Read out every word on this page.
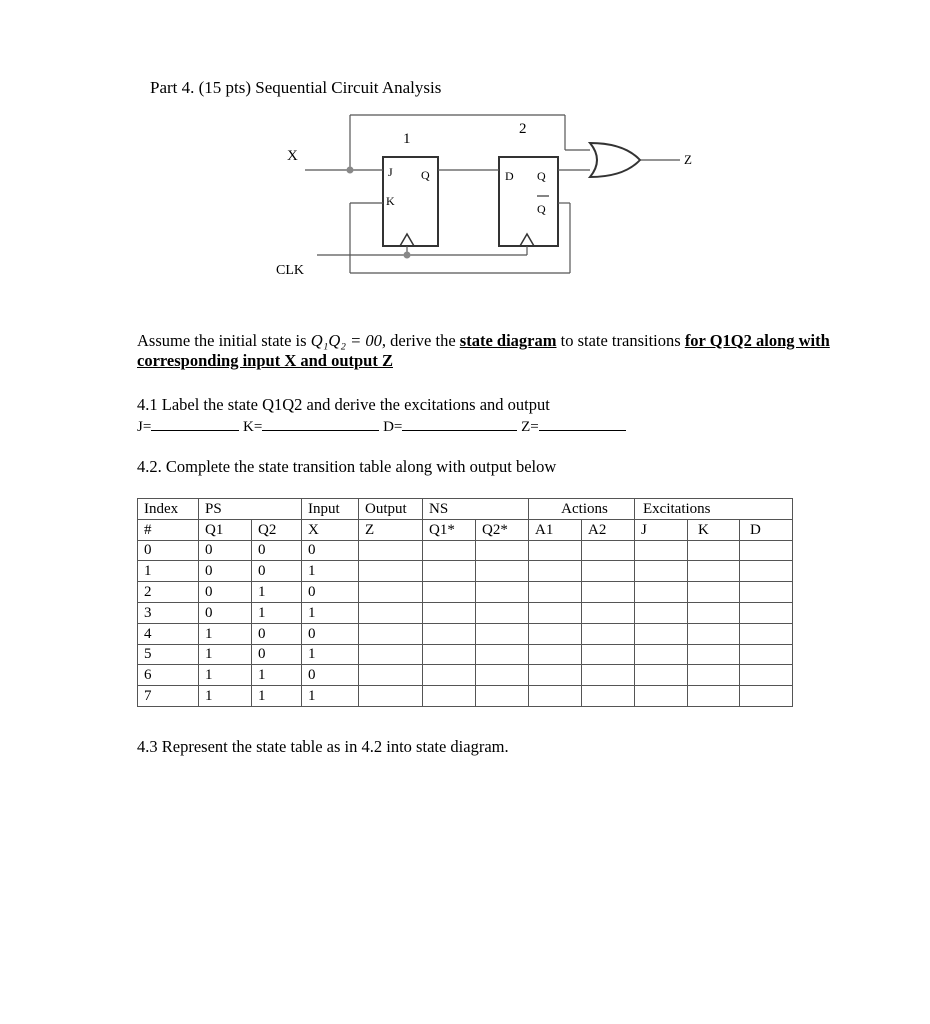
Part 4. (15 pts) Sequential Circuit Analysis
X
CLK
Z
1
2
J
K
Q	D Q
Q
Assume the initial state is Q₁Q₂ = 00, derive the state diagram to state transitions for Q1Q2 along with corresponding input X and output Z
4.1 Label the state Q1Q2 and derive the excitations and output
J=	K=	D=	Z=
4.2. Complete the state transition table along with output below
Index	PS		Input	Output	NS		Actions		Excitations		
#	Q1	Q2	X	Z	Q1*	Q2*	A1	A2	J	K	D
0	0	0	0								
1	0	0	1								
2	0	1	0								
3	0	1	1								
4	1	0	0								
5	1	0	1								
6	1	1	0								
7	1	1	1								
4.3 Represent the state table as in 4.2 into state diagram.
